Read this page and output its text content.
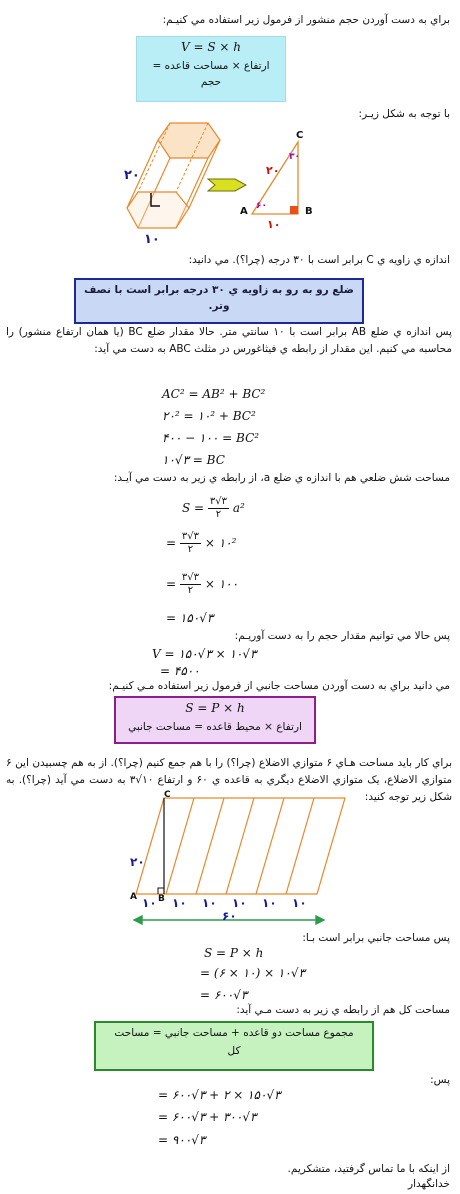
براي به دست آوردن حجم منشور از فرمول زير استفاده مي كنيـم:
V = S × h
ارتفاع × مساحت قاعده =
حجم
با توجه به شكل زيـر:
۲۰
۱۰
C
A	B
۳۰
۶۰
۲۰
۱۰
اندازه ي زاويه ي C برابر است با ۳۰ درجه (چرا؟). مي دانيد:
ضلع رو به رو به زاويه ي ۳۰ درجه برابر است با نصف
وتر.
پس اندازه ي ضلع AB برابر است با ۱۰ سانتي متر. حالا مقدار ضلع BC (يا همان ارتفاع منشور) را محاسبه مي كنيم. اين مقدار از رابطه ي فيثاغورس در مثلث ABC به دست مي آيد:
AC² = AB² + BC²
۲۰² = ۱۰² + BC²
۴۰۰ − ۱۰۰ = BC²
۱۰√۳ = BC
مساحت شش ضلعي هم با اندازه ي ضلع a، از رابطه ي زير به دست مي آيـد:
$S = \frac{۳√۳}{۲} a^2$
= $\frac{۳√۳}{۲}$ × ۱۰²
= $\frac{۳√۳}{۲}$ × ۱۰۰
= ۱۵۰√۳
پس حالا مي توانيم مقدار حجم را به دست آوريـم:
V = ۱۵۰√۳ × ۱۰√۳
= ۴۵۰۰
مي دانيد براي به دست آوردن مساحت جانبي از فرمول زير استفاده مـي كنيـم:
S = P × h
ارتفاع × محيط قاعده = مساحت جانبي
براي كار بايد مساحت هـاي ۶ متوازي الاضلاع (چرا؟) را با هم جمع كنيم (چرا؟). از به هم چسبيدن اين ۶ متوازي الاضلاع، يک متوازي الاضلاع ديگري به قاعده ي ۶۰ و ارتفاع ۱۰√۳ به دست مي آيد (چرا؟). به شكل زير توجه كنيد:
C
A B
۲۰
۱۰ ۱۰ ۱۰ ۱۰ ۱۰ ۱۰
۶۰
پس مساحت جانبي برابر است بـا:
S = P × h
= (۶ × ۱۰) × ۱۰√۳
= ۶۰۰√۳
مساحت كل هم از رابطه ي زير به دست مـي آيد:
مجموع مساحت دو قاعده + مساحت جانبي = مساحت
كل
پس:
= ۶۰۰√۳ + ۲ × ۱۵۰√۳
= ۶۰۰√۳ + ۳۰۰√۳
= ۹۰۰√۳
از اينكه با ما تماس گرفتيد، متشكريم.
خدانگهدار
